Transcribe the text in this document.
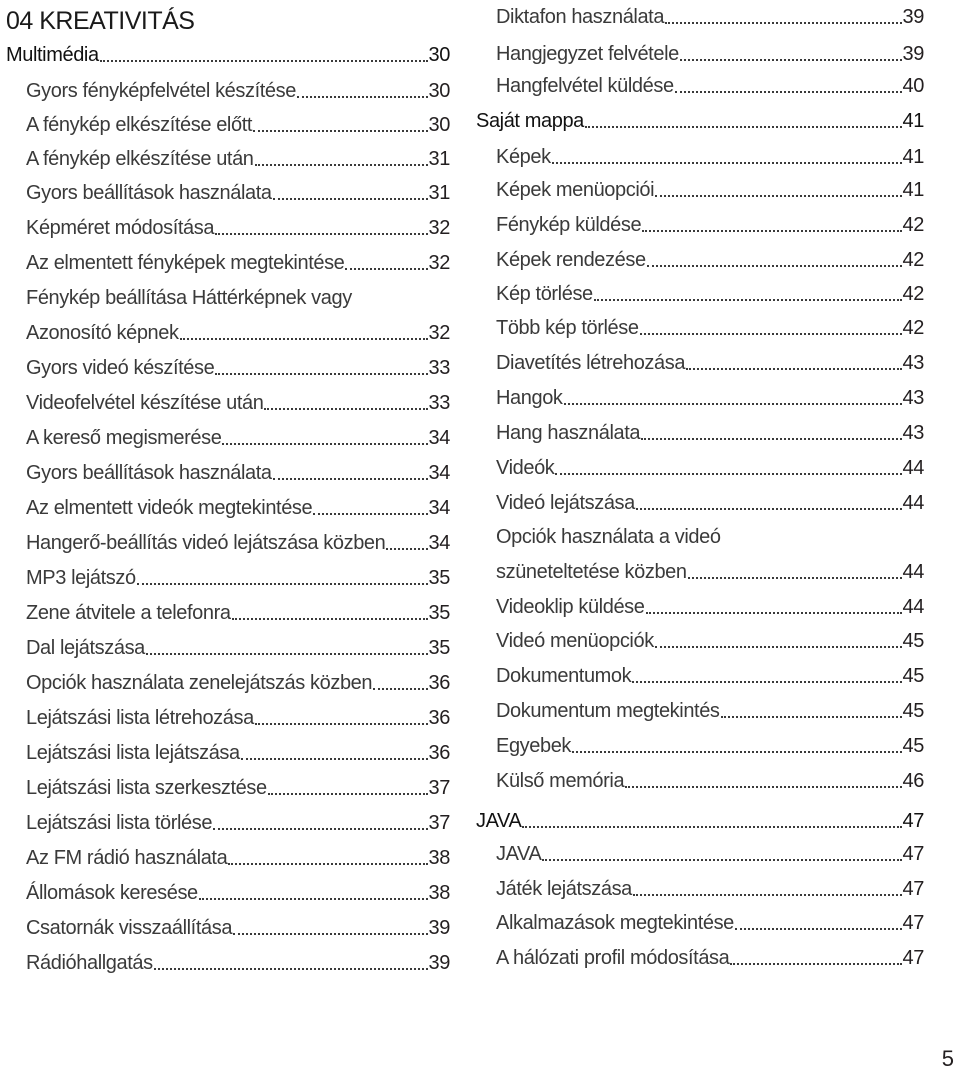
04 KREATIVITÁS
Multimédia	30
Gyors fényképfelvétel készítése	30
A fénykép elkészítése előtt	30
A fénykép elkészítése után	31
Gyors beállítások használata	31
Képméret módosítása	32
Az elmentett fényképek megtekintése	32
Fénykép beállítása Háttérképnek vagy
Azonosító képnek	32
Gyors videó készítése	33
Videofelvétel készítése után	33
A kereső megismerése	34
Gyors beállítások használata	34
Az elmentett videók megtekintése	34
Hangerő-beállítás videó lejátszása közben 34
MP3 lejátszó	35
Zene átvitele a telefonra	35
Dal lejátszása	35
Opciók használata zenelejátszás közben	36
Lejátszási lista létrehozása	36
Lejátszási lista lejátszása	36
Lejátszási lista szerkesztése	37
Lejátszási lista törlése	37
Az FM rádió használata	38
Állomások keresése	38
Csatornák visszaállítása	39
Rádióhallgatás	39
Diktafon használata	39
Hangjegyzet felvétele	39
Hangfelvétel küldése	40
Saját mappa	41
Képek	41
Képek menüopciói	41
Fénykép küldése	42
Képek rendezése	42
Kép törlése	42
Több kép törlése	42
Diavetítés létrehozása	43
Hangok	43
Hang használata	43
Videók	44
Videó lejátszása	44
Opciók használata a videó
szüneteltetése közben	44
Videoklip küldése	44
Videó menüopciók	45
Dokumentumok	45
Dokumentum megtekintés	45
Egyebek	45
Külső memória	46
JAVA	47
JAVA	47
Játék lejátszása	47
Alkalmazások megtekintése	47
A hálózati profil módosítása	47
5
